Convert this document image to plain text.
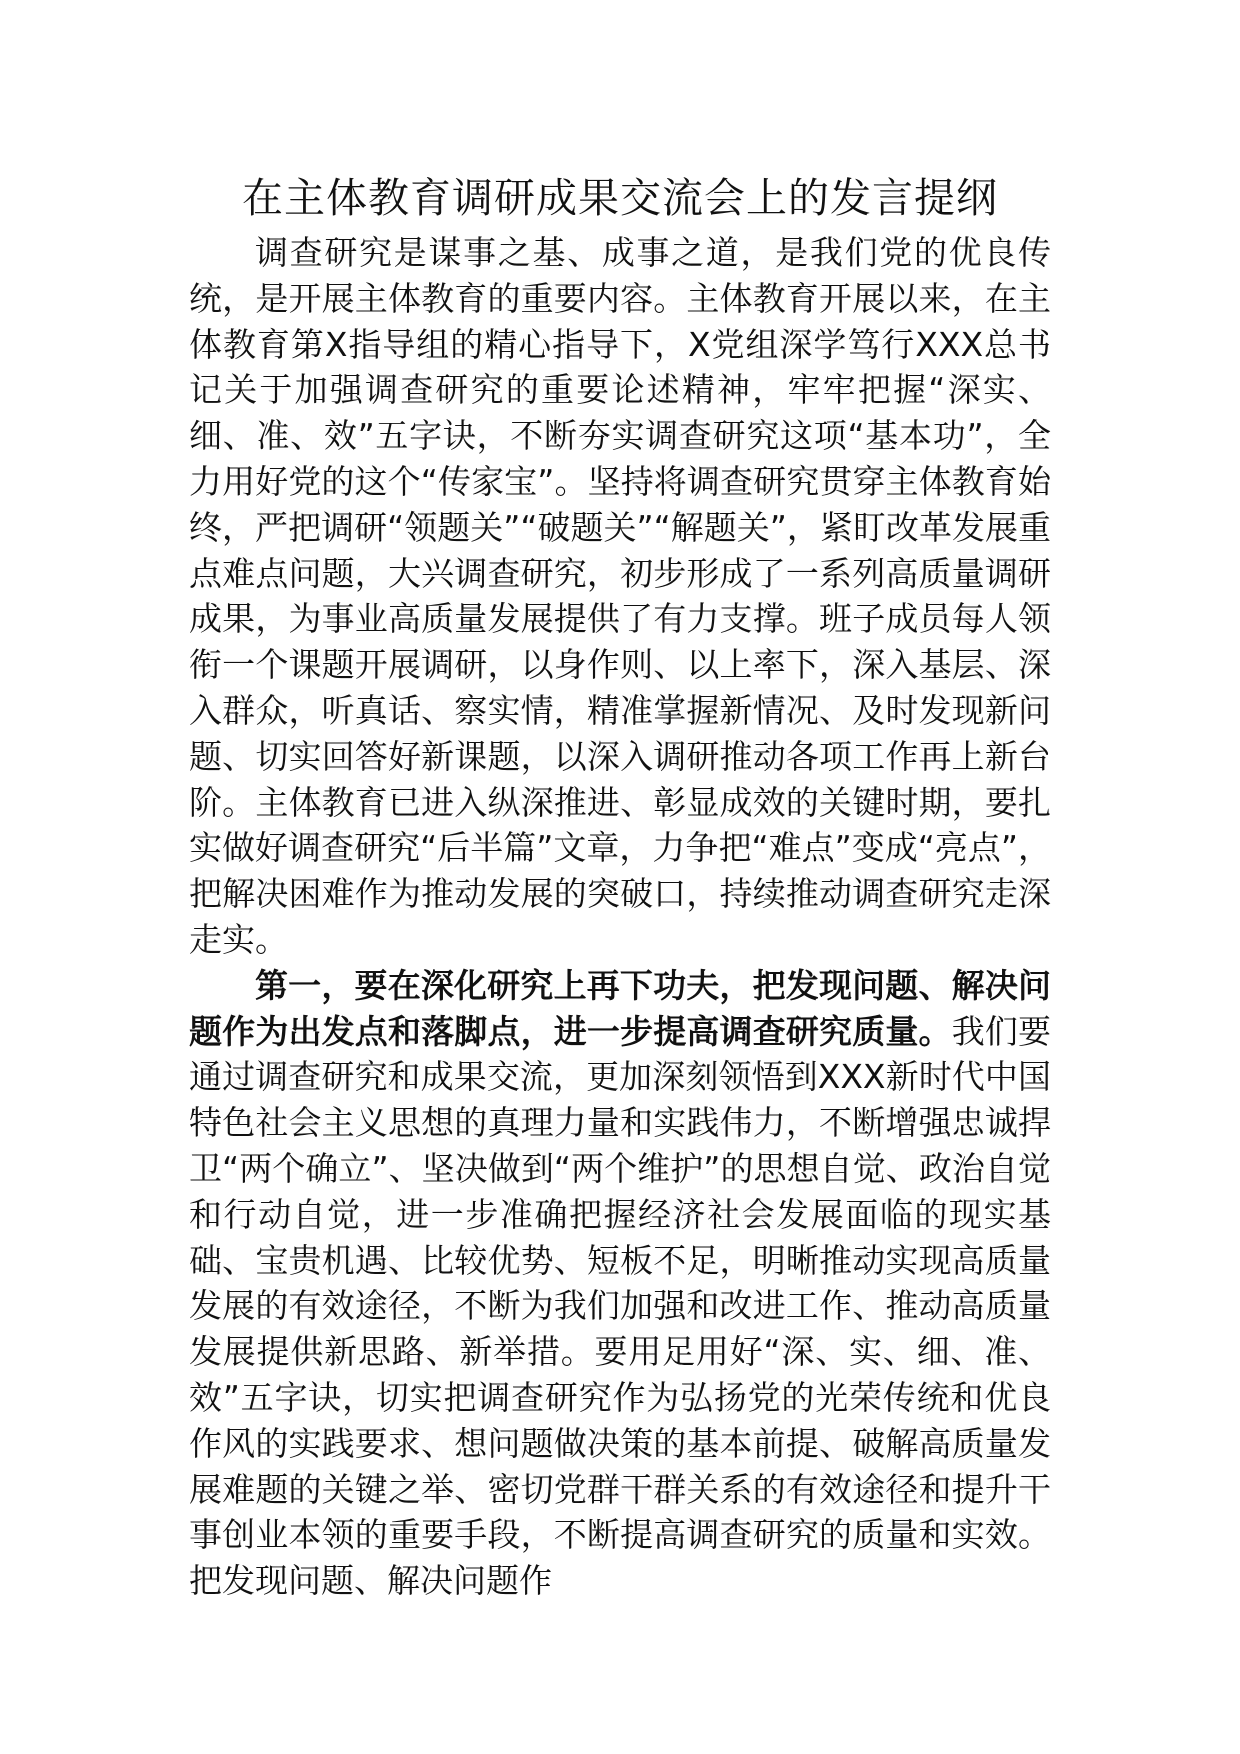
在主体教育调研成果交流会上的发言提纲

调查研究是谋事之基、成事之道，是我们党的优良传统，是开展主体教育的重要内容。主体教育开展以来，在主体教育第X指导组的精心指导下，X党组深学笃行XXX总书记关于加强调查研究的重要论述精神，牢牢把握“深实、细、准、效”五字诀，不断夯实调查研究这项“基本功”，全力用好党的这个“传家宝”。坚持将调查研究贯穿主体教育始终，严把调研“领题关”“破题关”“解题关”，紧盯改革发展重点难点问题，大兴调查研究，初步形成了一系列高质量调研成果，为事业高质量发展提供了有力支撑。班子成员每人领衔一个课题开展调研，以身作则、以上率下，深入基层、深入群众，听真话、察实情，精准掌握新情况、及时发现新问题、切实回答好新课题，以深入调研推动各项工作再上新台阶。主体教育已进入纵深推进、彰显成效的关键时期，要扎实做好调查研究“后半篇”文章，力争把“难点”变成“亮点”，把解决困难作为推动发展的突破口，持续推动调查研究走深走实。

第一，要在深化研究上再下功夫，把发现问题、解决问题作为出发点和落脚点，进一步提高调查研究质量。我们要通过调查研究和成果交流，更加深刻领悟到XXX新时代中国特色社会主义思想的真理力量和实践伟力，不断增强忠诚捍卫“两个确立”、坚决做到“两个维护”的思想自觉、政治自觉和行动自觉，进一步准确把握经济社会发展面临的现实基础、宝贵机遇、比较优势、短板不足，明晰推动实现高质量发展的有效途径，不断为我们加强和改进工作、推动高质量发展提供新思路、新举措。要用足用好“深、实、细、准、效”五字诀，切实把调查研究作为弘扬党的光荣传统和优良作风的实践要求、想问题做决策的基本前提、破解高质量发展难题的关键之举、密切党群干群关系的有效途径和提升干事创业本领的重要手段，不断提高调查研究的质量和实效。把发现问题、解决问题作
